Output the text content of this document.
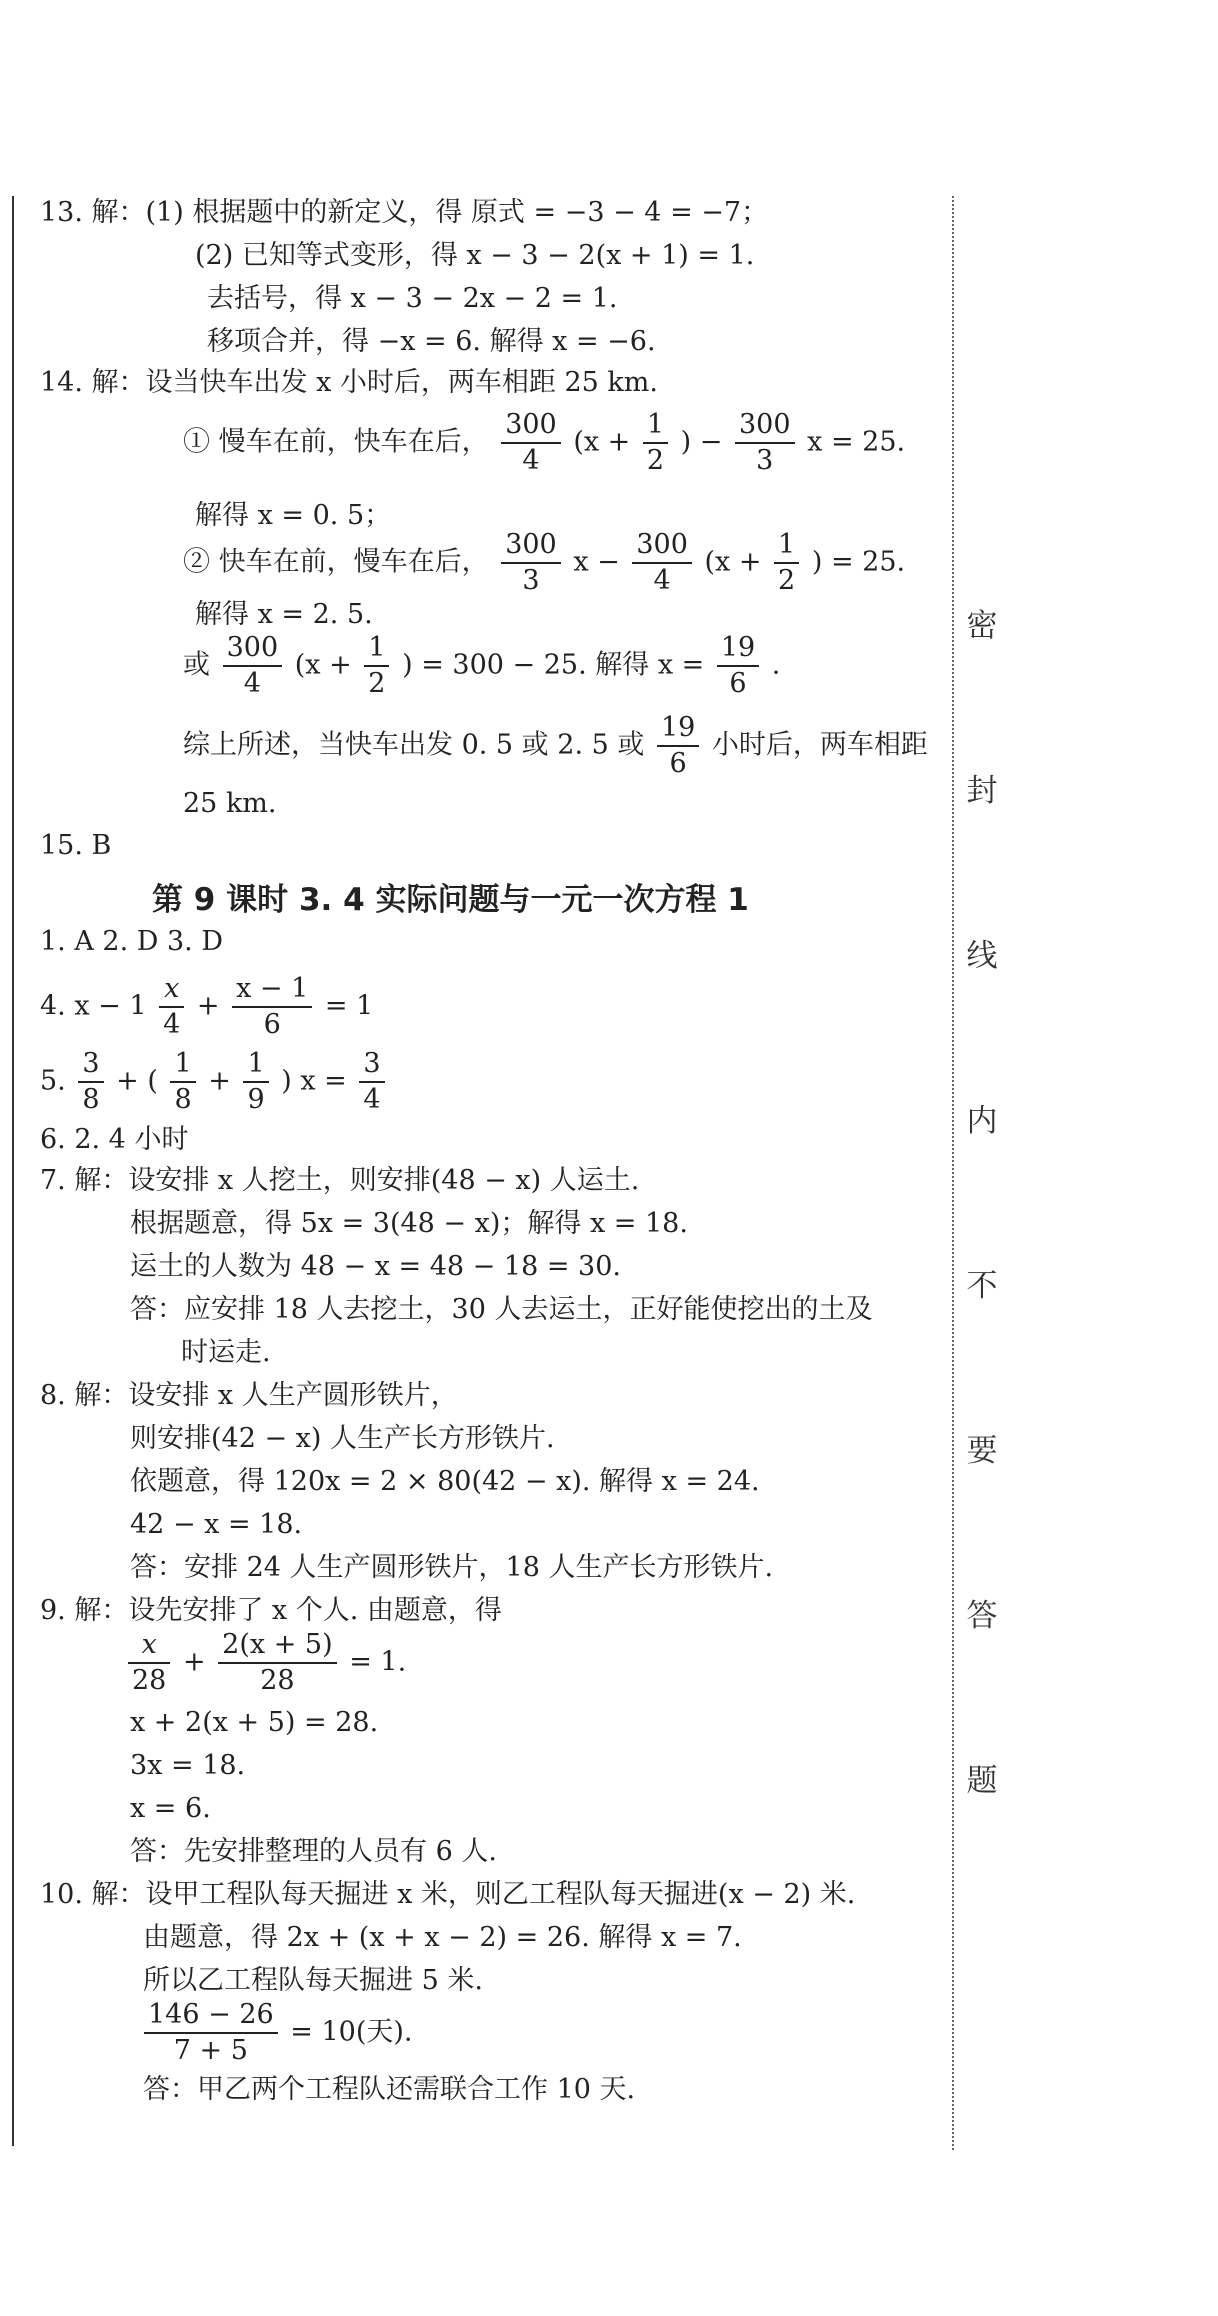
密
封
线
内
不
要
答
题
13. 解：(1) 根据题中的新定义，得 原式 = −3 − 4 = −7；
(2) 已知等式变形，得 x − 3 − 2(x + 1) = 1.
去括号，得 x − 3 − 2x − 2 = 1.
移项合并，得 −x = 6. 解得 x = −6.
14. 解：设当快车出发 x 小时后，两车相距 25 km.
① 慢车在前，快车在后， $\frac{300}{4} (x + \frac{1}{2}$ ) − $\frac{300}{3}$ x = 25.
解得 x = 0. 5；
② 快车在前，慢车在后， $\frac{300}{3}$ $x - \frac{300}{4} (x + \frac{1}{2}$ ) = 25.
解得 x = 2. 5.
或 $\frac{300}{4} (x + \frac{1}{2}$ ) = 300 − 25. 解得 $x = \frac{19}{6}$ .
综上所述，当快车出发 0. 5 或 2. 5 或 $\frac{19}{6}$ 小时后，两车相距
25 km.
15. B
第 9 课时 3. 4 实际问题与一元一次方程 1
1. A 2. D 3. D
4. $x - 1 \frac{x}{4} + \frac{x - 1}{6} = 1$
5. $\frac{3}{8}$ + ( $\frac{1}{8} + \frac{1}{9}$ ) $x = \frac{3}{4}$
6. 2. 4 小时
7. 解：设安排 x 人挖土，则安排(48 − x) 人运土.
根据题意，得 5x = 3(48 − x)；解得 x = 18.
运土的人数为 48 − x = 48 − 18 = 30.
答：应安排 18 人去挖土，30 人去运土，正好能使挖出的土及
时运走.
8. 解：设安排 x 人生产圆形铁片，
则安排(42 − x) 人生产长方形铁片.
依题意，得 120x = 2 × 80(42 − x). 解得 x = 24.
42 − x = 18.
答：安排 24 人生产圆形铁片，18 人生产长方形铁片.
9. 解：设先安排了 x 个人. 由题意，得
$\frac{x}{28} + \frac{2(x + 5)}{28} = 1$.
x + 2(x + 5) = 28.
3x = 18.
x = 6.
答：先安排整理的人员有 6 人.
10. 解：设甲工程队每天掘进 x 米，则乙工程队每天掘进(x − 2) 米.
由题意，得 2x + (x + x − 2) = 26. 解得 x = 7.
所以乙工程队每天掘进 5 米.
$\frac{146 - 26}{7 + 5} = 10$(天).
答：甲乙两个工程队还需联合工作 10 天.
